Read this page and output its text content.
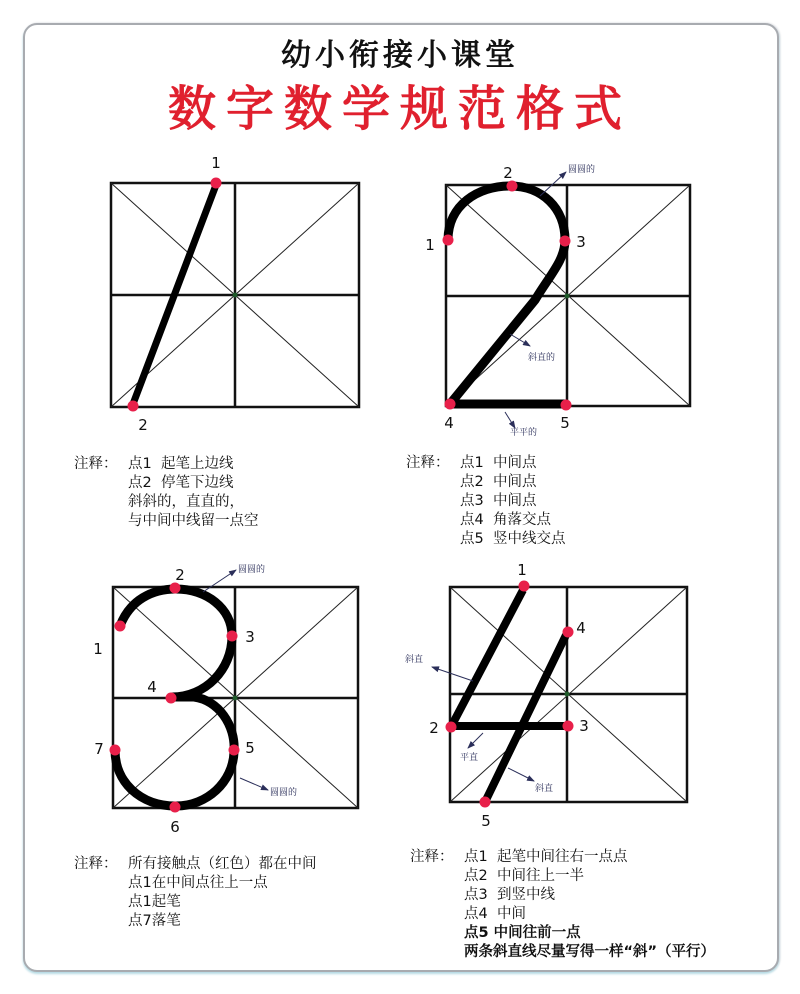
幼小衔接小课堂
数字数学规范格式
1
2
1
2
3
4	5
圆圆的
斜直的
平平的
1
2
3
4
5
6
7
圆圆的
圆圆的
1
4
2	3
5
斜直
平直
斜直
注释： 点1  起笔上边线
点2  停笔下边线
斜斜的，直直的，
与中间中线留一点空
注释： 点1  中间点
点2  中间点
点3  中间点
点4  角落交点
点5  竖中线交点
注释： 所有接触点（红色）都在中间
点1在中间点往上一点
点1起笔
点7落笔
注释： 点1  起笔中间往右一点点
点2  中间往上一半
点3  到竖中线
点4  中间
点5 中间往前一点
两条斜直线尽量写得一样“斜”（平行）
